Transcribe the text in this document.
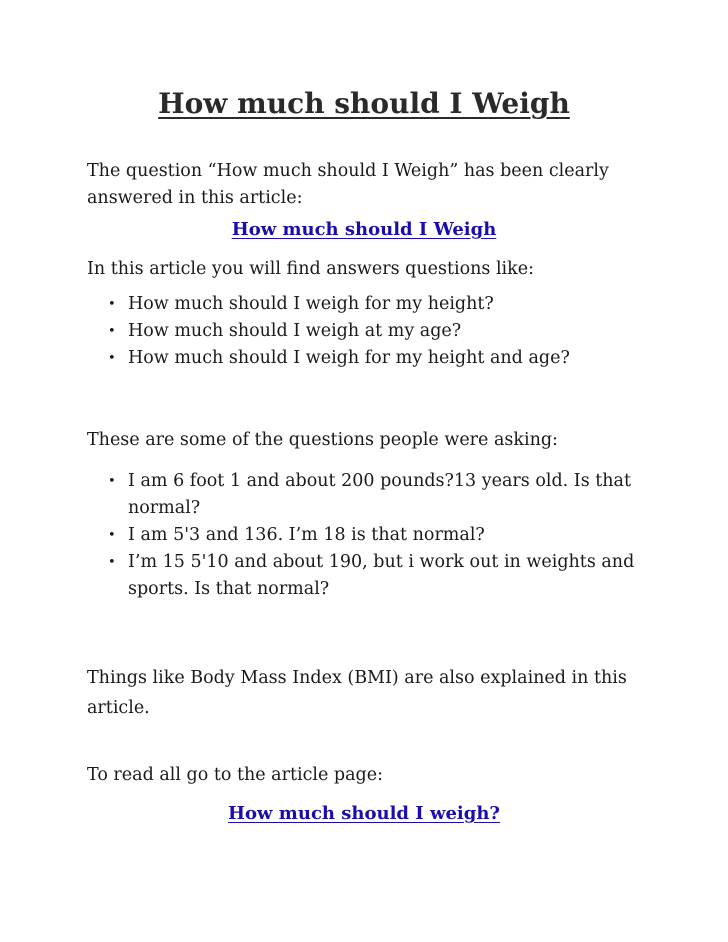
How much should I Weigh

The question “How much should I Weigh” has been clearly answered in this article:

How much should I Weigh

In this article you will find answers questions like:

• How much should I weigh for my height?
• How much should I weigh at my age?
• How much should I weigh for my height and age?

These are some of the questions people were asking:

• I am 6 foot 1 and about 200 pounds?13 years old. Is that normal?
• I am 5'3 and 136. I’m 18 is that normal?
• I’m 15 5'10 and about 190, but i work out in weights and sports. Is that normal?

Things like Body Mass Index (BMI) are also explained in this article.

To read all go to the article page:

How much should I weigh?
